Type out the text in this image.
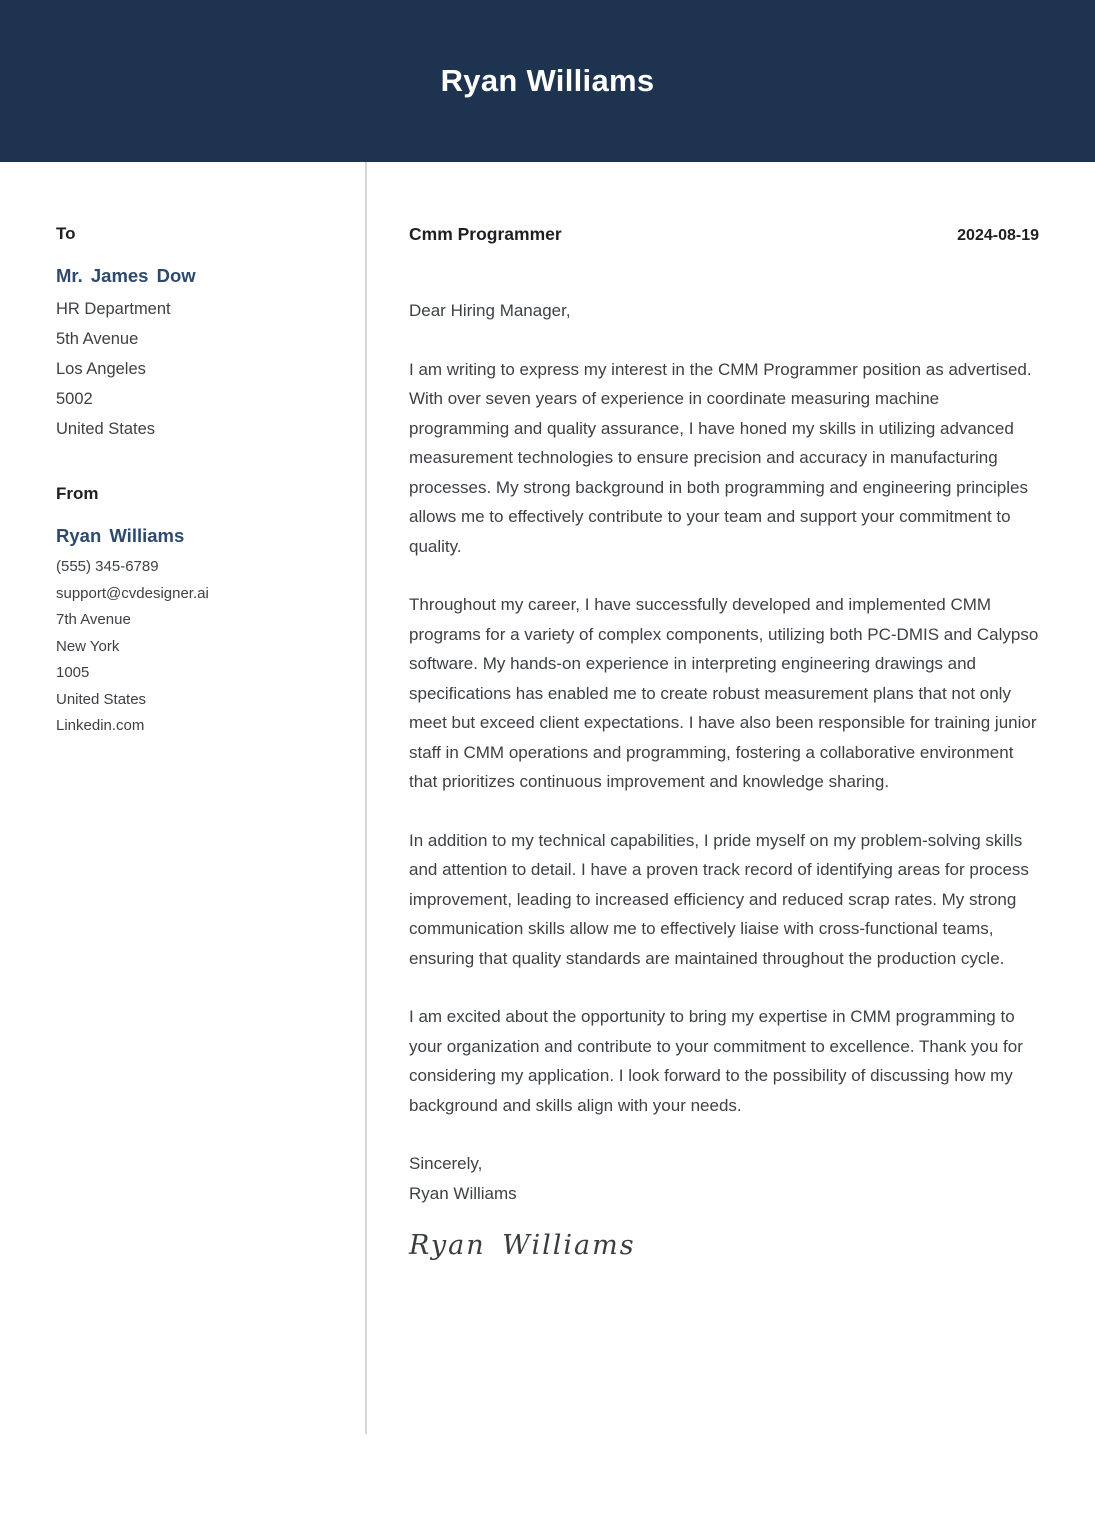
Ryan Williams
To
Mr. James Dow
HR Department
5th Avenue
Los Angeles
5002
United States
From
Ryan Williams
(555) 345-6789
support@cvdesigner.ai
7th Avenue
New York
1005
United States
Linkedin.com
Cmm Programmer	2024-08-19

Dear Hiring Manager,

I am writing to express my interest in the CMM Programmer position as advertised. With over seven years of experience in coordinate measuring machine programming and quality assurance, I have honed my skills in utilizing advanced measurement technologies to ensure precision and accuracy in manufacturing processes. My strong background in both programming and engineering principles allows me to effectively contribute to your team and support your commitment to quality.

Throughout my career, I have successfully developed and implemented CMM programs for a variety of complex components, utilizing both PC-DMIS and Calypso software. My hands-on experience in interpreting engineering drawings and specifications has enabled me to create robust measurement plans that not only meet but exceed client expectations. I have also been responsible for training junior staff in CMM operations and programming, fostering a collaborative environment that prioritizes continuous improvement and knowledge sharing.

In addition to my technical capabilities, I pride myself on my problem-solving skills and attention to detail. I have a proven track record of identifying areas for process improvement, leading to increased efficiency and reduced scrap rates. My strong communication skills allow me to effectively liaise with cross-functional teams, ensuring that quality standards are maintained throughout the production cycle.

I am excited about the opportunity to bring my expertise in CMM programming to your organization and contribute to your commitment to excellence. Thank you for considering my application. I look forward to the possibility of discussing how my background and skills align with your needs.

Sincerely,
Ryan Williams
Ryan Williams
